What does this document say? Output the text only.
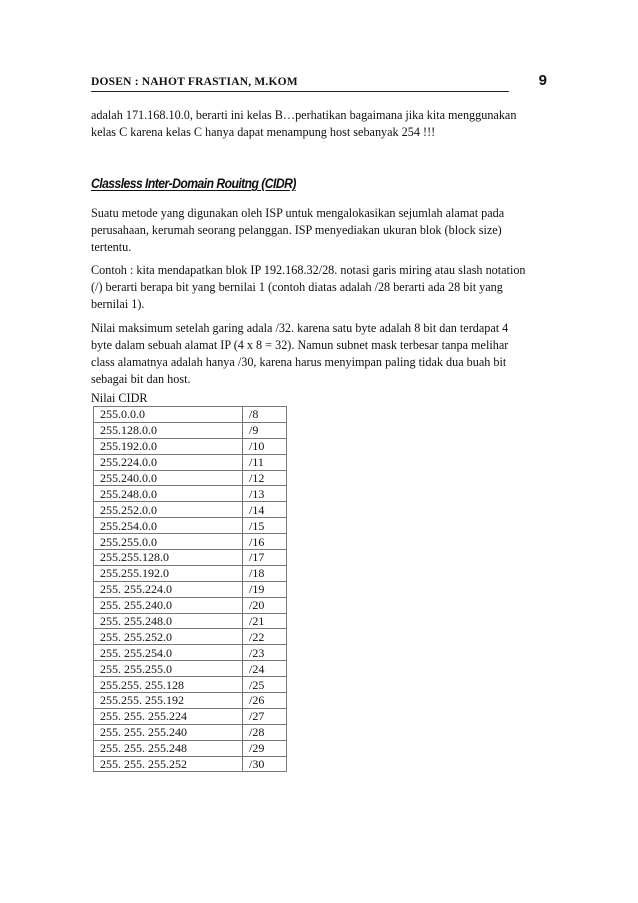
DOSEN : NAHOT FRASTIAN, M.KOM	9
adalah 171.168.10.0, berarti ini kelas B…perhatikan bagaimana jika kita menggunakan
kelas C karena kelas C hanya dapat menampung host sebanyak 254 !!!
Classless Inter-Domain Rouitng (CIDR)
Suatu metode yang digunakan oleh ISP untuk mengalokasikan sejumlah alamat pada
perusahaan, kerumah seorang pelanggan. ISP menyediakan ukuran blok (block size)
tertentu.
Contoh : kita mendapatkan blok IP 192.168.32/28. notasi garis miring atau slash notation
(/) berarti berapa bit yang bernilai 1 (contoh diatas adalah /28 berarti ada 28 bit yang
bernilai 1).
Nilai maksimum setelah garing adala /32. karena satu byte adalah 8 bit dan terdapat 4
byte dalam sebuah alamat IP (4 x 8 = 32). Namun subnet mask terbesar tanpa melihar
class alamatnya adalah hanya /30, karena harus menyimpan paling tidak dua buah bit
sebagai bit dan host.
Nilai CIDR
255.0.0.0	/8
255.128.0.0	/9
255.192.0.0	/10
255.224.0.0	/11
255.240.0.0	/12
255.248.0.0	/13
255.252.0.0	/14
255.254.0.0	/15
255.255.0.0	/16
255.255.128.0	/17
255.255.192.0	/18
255. 255.224.0	/19
255. 255.240.0	/20
255. 255.248.0	/21
255. 255.252.0	/22
255. 255.254.0	/23
255. 255.255.0	/24
255.255. 255.128	/25
255.255. 255.192	/26
255. 255. 255.224	/27
255. 255. 255.240	/28
255. 255. 255.248	/29
255. 255. 255.252	/30
